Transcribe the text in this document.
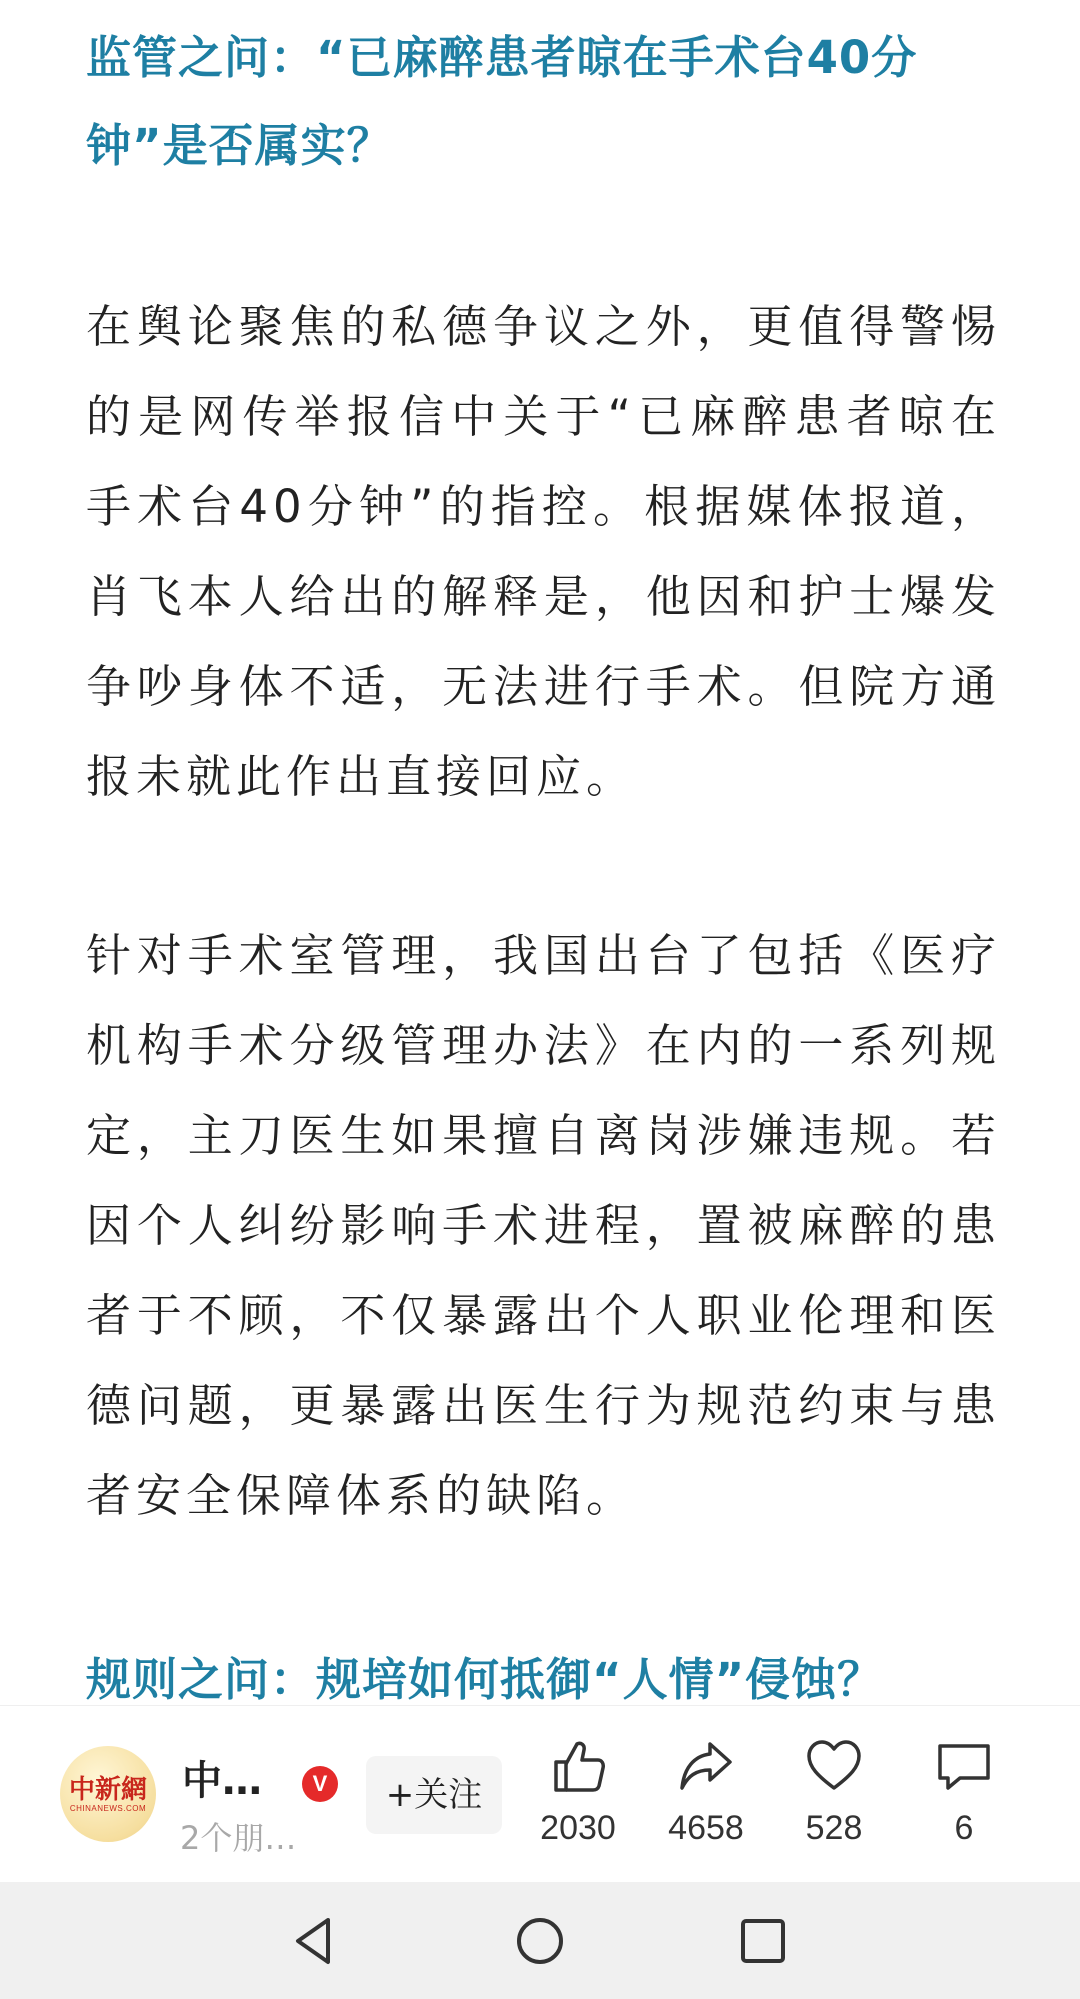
监管之问：“已麻醉患者晾在手术台40分钟”是否属实？

在舆论聚焦的私德争议之外，更值得警惕的是网传举报信中关于“已麻醉患者晾在手术台40分钟”的指控。根据媒体报道，肖飞本人给出的解释是，他因和护士爆发争吵身体不适，无法进行手术。但院方通报未就此作出直接回应。

针对手术室管理，我国出台了包括《医疗机构手术分级管理办法》在内的一系列规定，主刀医生如果擅自离岗涉嫌违规。若因个人纠纷影响手术进程，置被麻醉的患者于不顾，不仅暴露出个人职业伦理和医德问题，更暴露出医生行为规范约束与患者安全保障体系的缺陷。

规则之问：规培如何抵御“人情”侵蚀？
中新網
CHINANEWS.COM
中…	V
2个朋…
+关注
2030	4658	528	6
